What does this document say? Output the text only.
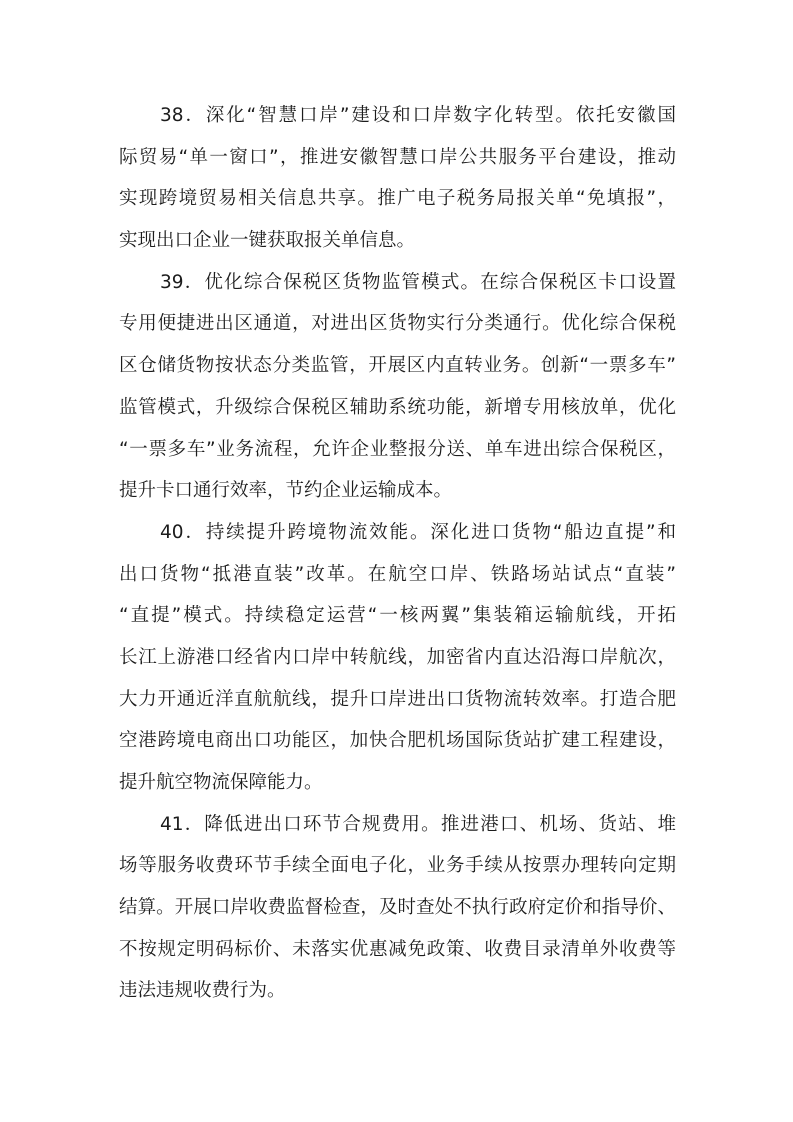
38．深化“智慧口岸”建设和口岸数字化转型。依托安徽国
际贸易“单一窗口”，推进安徽智慧口岸公共服务平台建设，推动
实现跨境贸易相关信息共享。推广电子税务局报关单“免填报”，
实现出口企业一键获取报关单信息。
39．优化综合保税区货物监管模式。在综合保税区卡口设置
专用便捷进出区通道，对进出区货物实行分类通行。优化综合保税
区仓储货物按状态分类监管，开展区内直转业务。创新“一票多车”
监管模式，升级综合保税区辅助系统功能，新增专用核放单，优化
“一票多车”业务流程，允许企业整报分送、单车进出综合保税区，
提升卡口通行效率，节约企业运输成本。
40．持续提升跨境物流效能。深化进口货物“船边直提”和
出口货物“抵港直装”改革。在航空口岸、铁路场站试点“直装”
“直提”模式。持续稳定运营“一核两翼”集装箱运输航线，开拓
长江上游港口经省内口岸中转航线，加密省内直达沿海口岸航次，
大力开通近洋直航航线，提升口岸进出口货物流转效率。打造合肥
空港跨境电商出口功能区，加快合肥机场国际货站扩建工程建设，
提升航空物流保障能力。
41．降低进出口环节合规费用。推进港口、机场、货站、堆
场等服务收费环节手续全面电子化，业务手续从按票办理转向定期
结算。开展口岸收费监督检查，及时查处不执行政府定价和指导价、
不按规定明码标价、未落实优惠减免政策、收费目录清单外收费等
违法违规收费行为。
